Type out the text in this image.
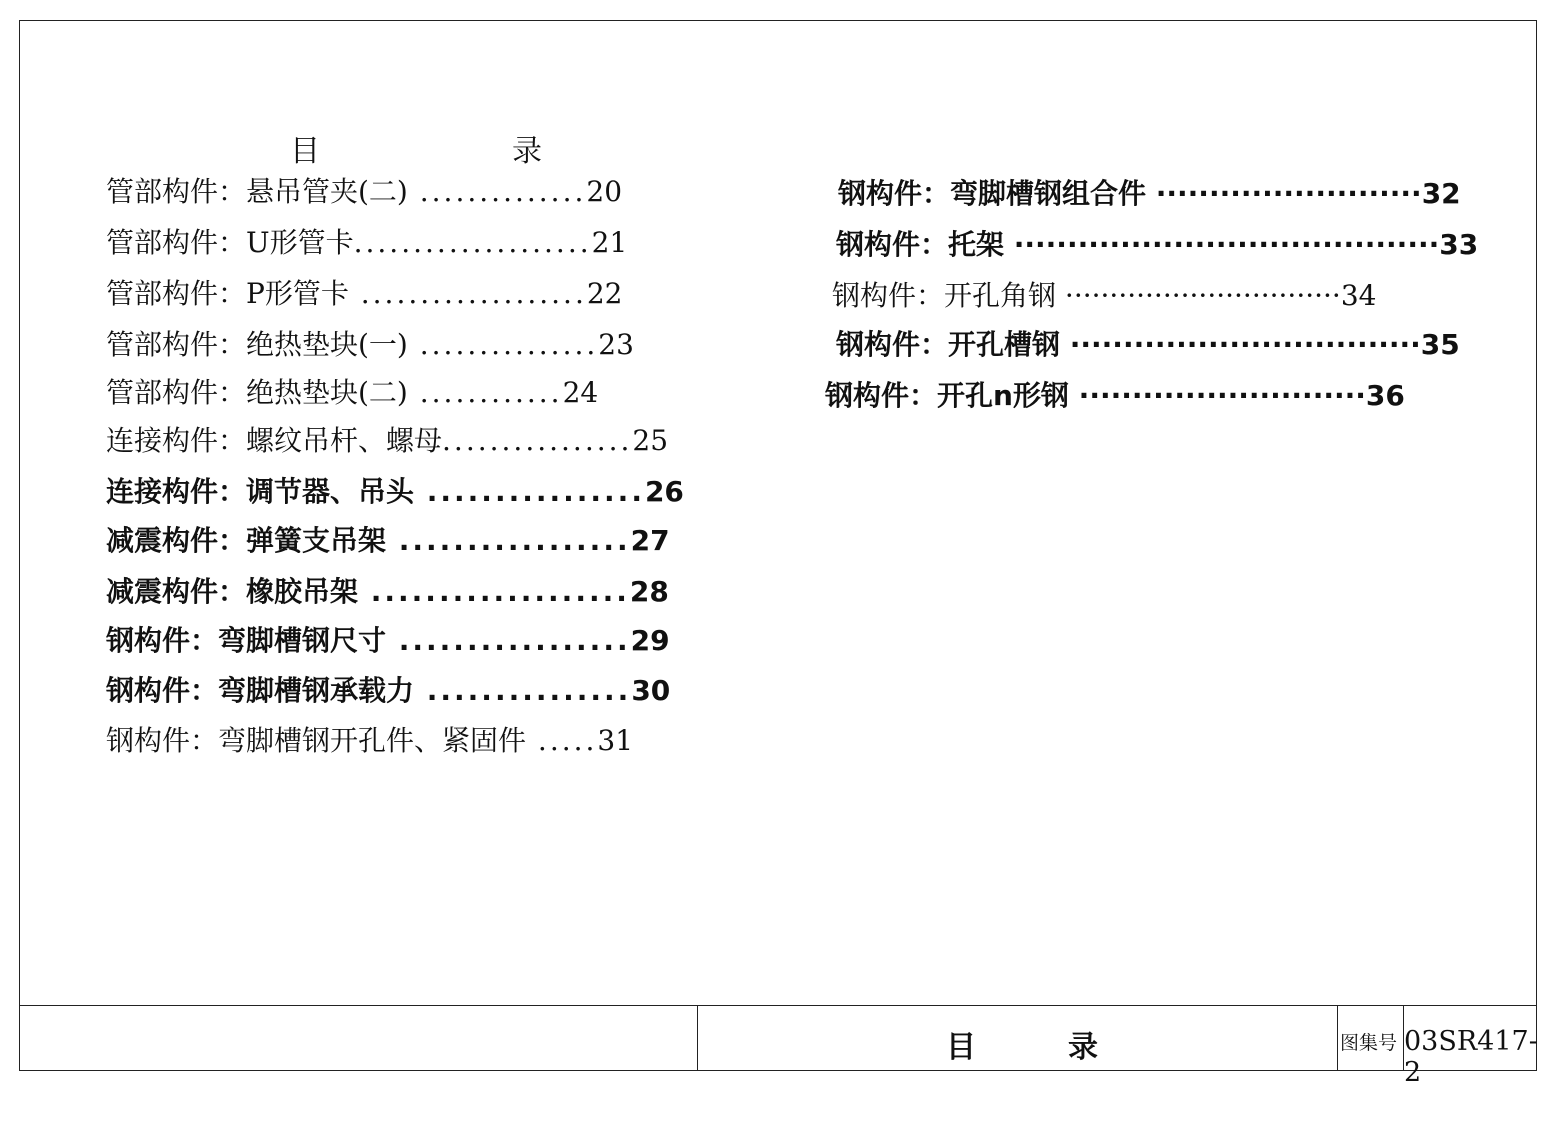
目	录
管部构件：悬吊管夹(二) ..............20
管部构件：U形管卡....................21
管部构件：P形管卡 ...................22
管部构件：绝热垫块(一) ...............23
管部构件：绝热垫块(二) ............24
连接构件：螺纹吊杆、螺母................25
连接构件：调节器、吊头 ................26
减震构件：弹簧支吊架 .................27
减震构件：橡胶吊架 ...................28
钢构件：弯脚槽钢尺寸 .................29
钢构件：弯脚槽钢承载力 ...............30
钢构件：弯脚槽钢开孔件、紧固件 .....31
钢构件：弯脚槽钢组合件 ·························32
钢构件：托架 ········································33
钢构件：开孔角钢 ·······························34
钢构件：开孔槽钢 ·································35
钢构件：开孔n形钢 ···························36
目	录	图集号 03SR417-2
